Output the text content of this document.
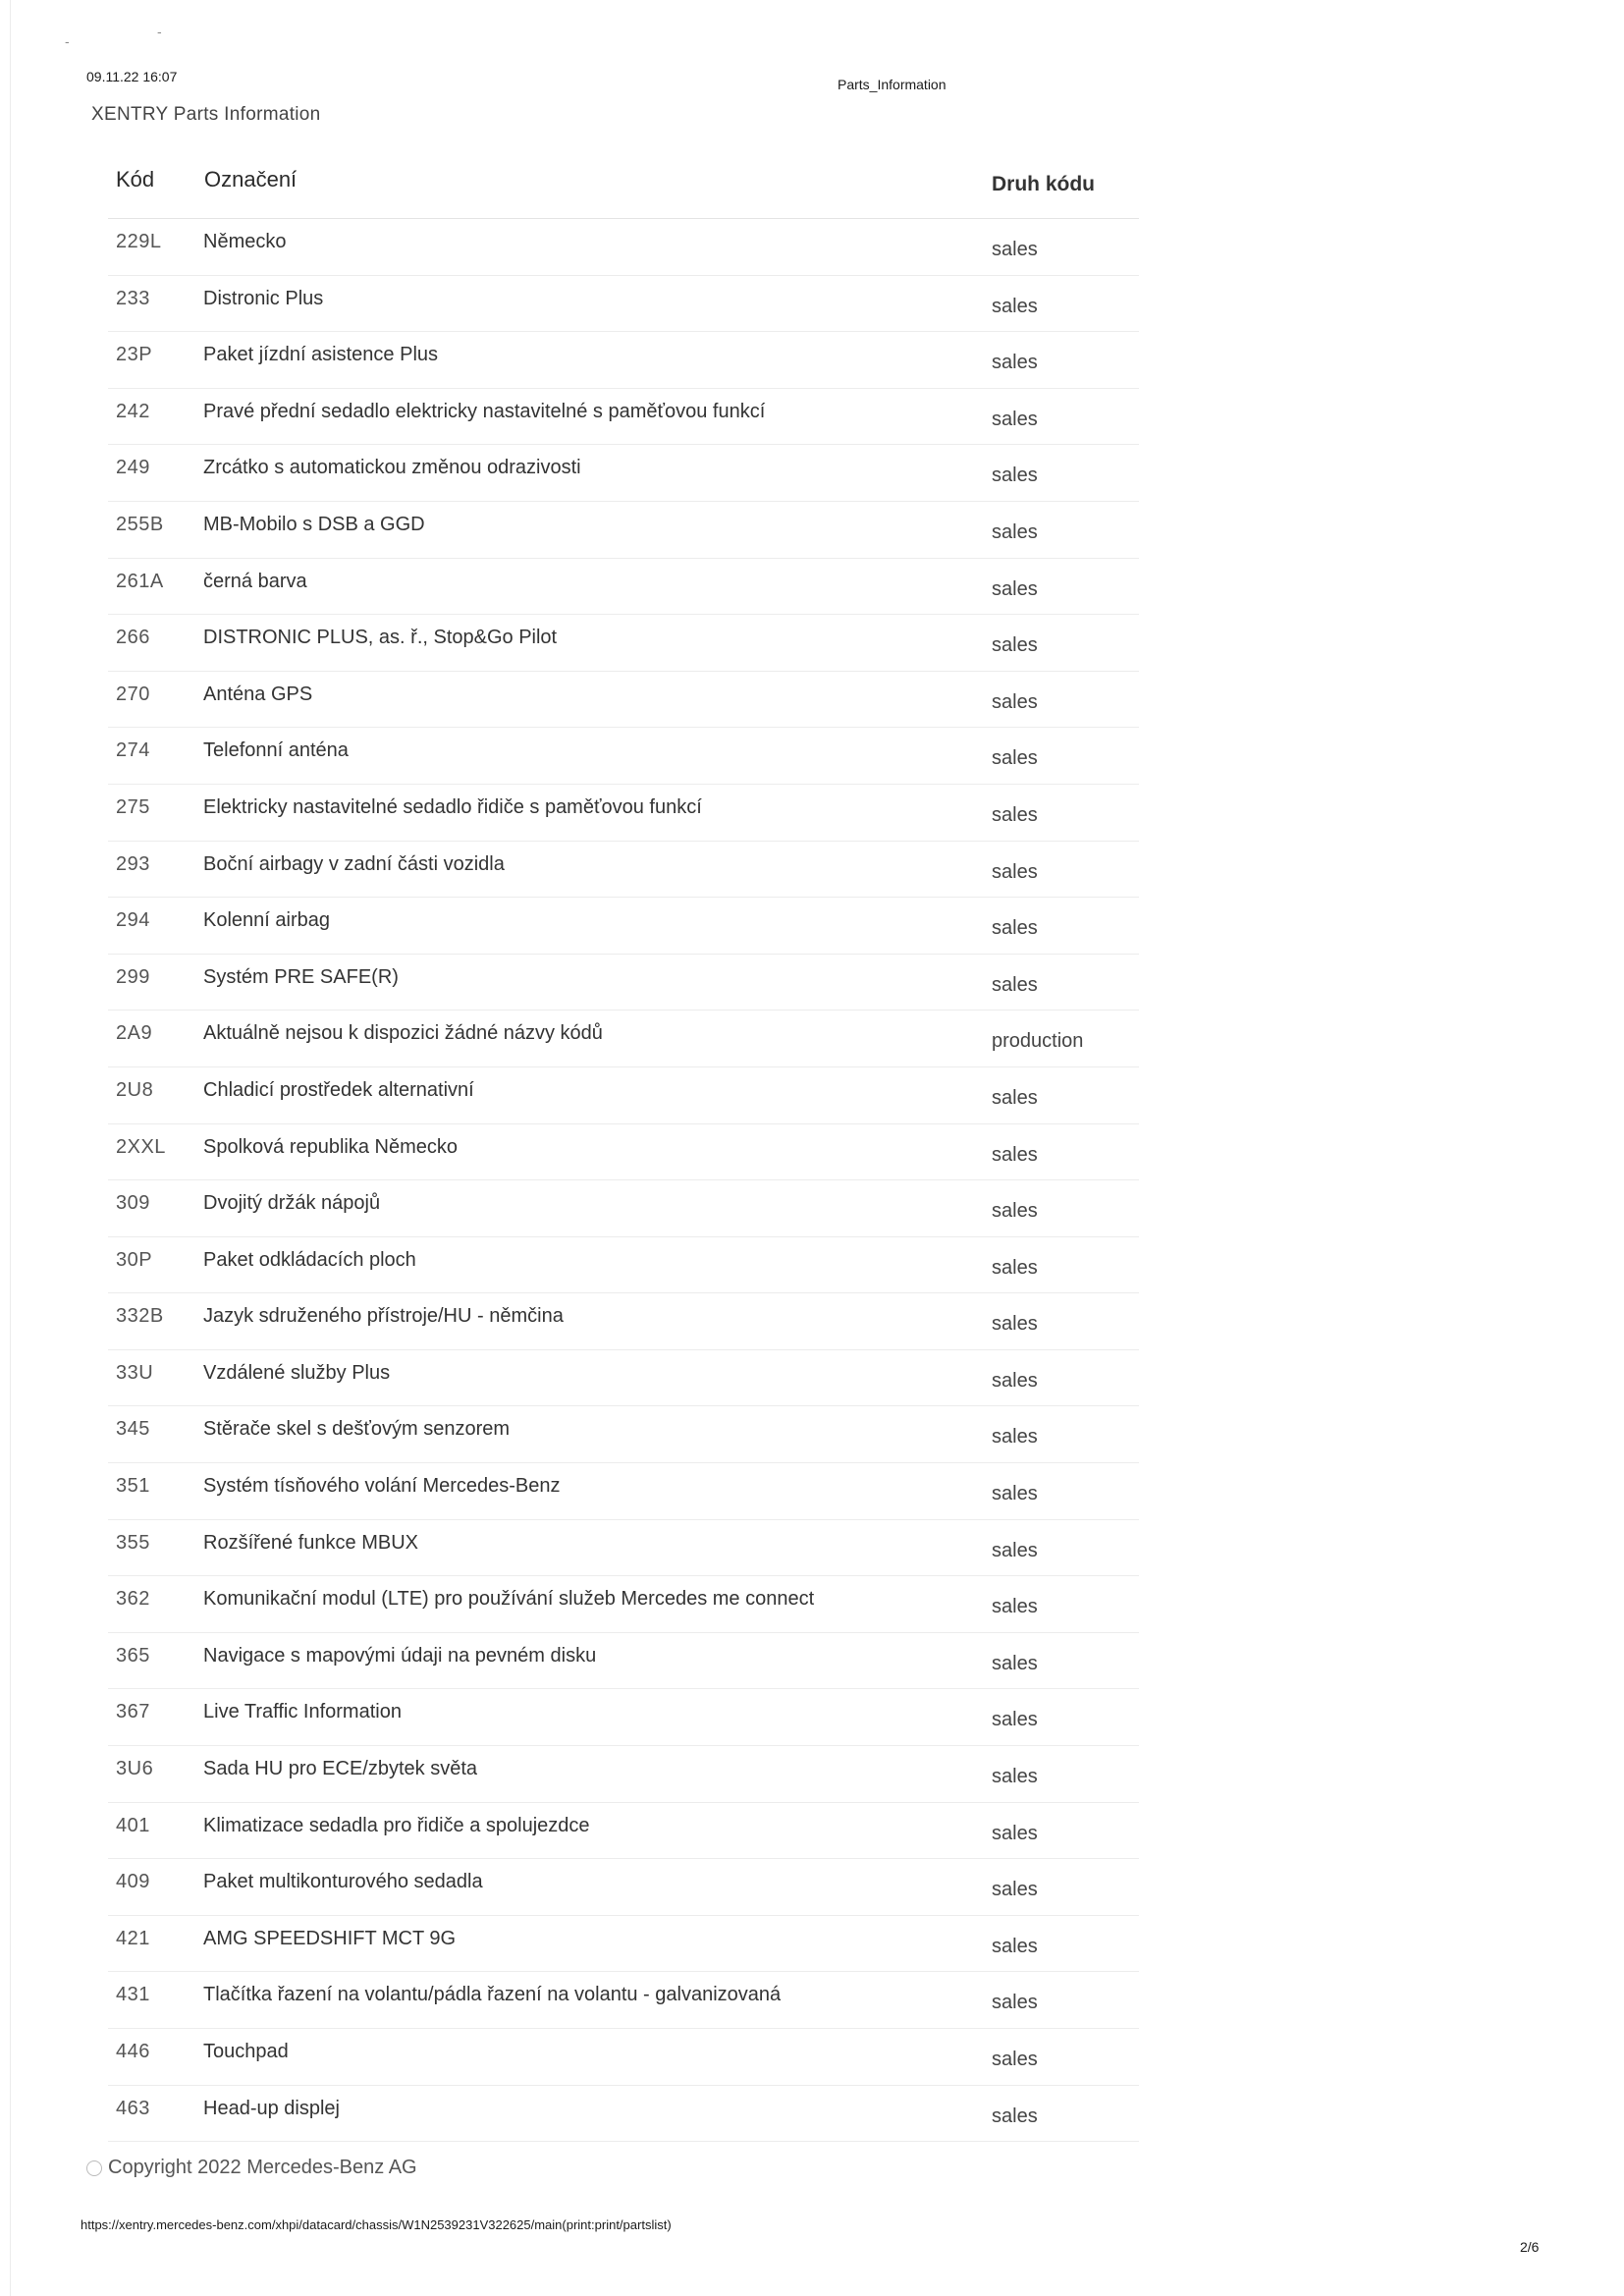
-
-
09.11.22 16:07	Parts_Information
XENTRY Parts Information
Kód Označení	Druh kódu
229L Německo	sales
233	Distronic Plus	sales
23P	Paket jízdní asistence Plus	sales
242	Pravé přední sedadlo elektricky nastavitelné s paměťovou funkcí	sales
249	Zrcátko s automatickou změnou odrazivosti	sales
255B MB-Mobilo s DSB a GGD	sales
261A černá barva	sales
266	DISTRONIC PLUS, as. ř., Stop&Go Pilot	sales
270	Anténa GPS	sales
274	Telefonní anténa	sales
275	Elektricky nastavitelné sedadlo řidiče s paměťovou funkcí	sales
293	Boční airbagy v zadní části vozidla	sales
294	Kolenní airbag	sales
299	Systém PRE SAFE(R)	sales
2A9	Aktuálně nejsou k dispozici žádné názvy kódů	production
2U8	Chladicí prostředek alternativní	sales
2XXL Spolková republika Německo	sales
309	Dvojitý držák nápojů	sales
30P	Paket odkládacích ploch	sales
332B Jazyk sdruženého přístroje/HU - němčina	sales
33U	Vzdálené služby Plus	sales
345	Stěrače skel s dešťovým senzorem	sales
351	Systém tísňového volání Mercedes-Benz	sales
355	Rozšířené funkce MBUX	sales
362	Komunikační modul (LTE) pro používání služeb Mercedes me connect	sales
365	Navigace s mapovými údaji na pevném disku	sales
367	Live Traffic Information	sales
3U6	Sada HU pro ECE/zbytek světa	sales
401	Klimatizace sedadla pro řidiče a spolujezdce	sales
409	Paket multikonturového sedadla	sales
421	AMG SPEEDSHIFT MCT 9G	sales
431	Tlačítka řazení na volantu/pádla řazení na volantu - galvanizovaná	sales
446	Touchpad	sales
463	Head-up displej	sales
Copyright 2022 Mercedes-Benz AG
https://xentry.mercedes-benz.com/xhpi/datacard/chassis/W1N2539231V322625/main(print:print/partslist)
2/6
